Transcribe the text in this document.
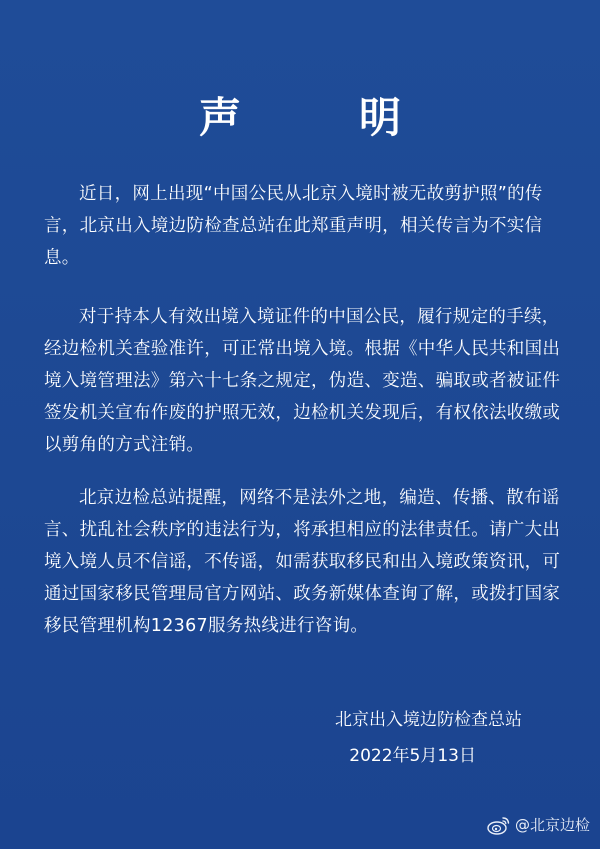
声　明

近日，网上出现“中国公民从北京入境时被无故剪护照”的传言，北京出入境边防检查总站在此郑重声明，相关传言为不实信息。

对于持本人有效出境入境证件的中国公民，履行规定的手续，经边检机关查验准许，可正常出境入境。根据《中华人民共和国出境入境管理法》第六十七条之规定，伪造、变造、骗取或者被证件签发机关宣布作废的护照无效，边检机关发现后，有权依法收缴或以剪角的方式注销。

北京边检总站提醒，网络不是法外之地，编造、传播、散布谣言、扰乱社会秩序的违法行为，将承担相应的法律责任。请广大出境入境人员不信谣，不传谣，如需获取移民和出入境政策资讯，可通过国家移民管理局官方网站、政务新媒体查询了解，或拨打国家移民管理机构12367服务热线进行咨询。

北京出入境边防检查总站
2022年5月13日
@北京边检
